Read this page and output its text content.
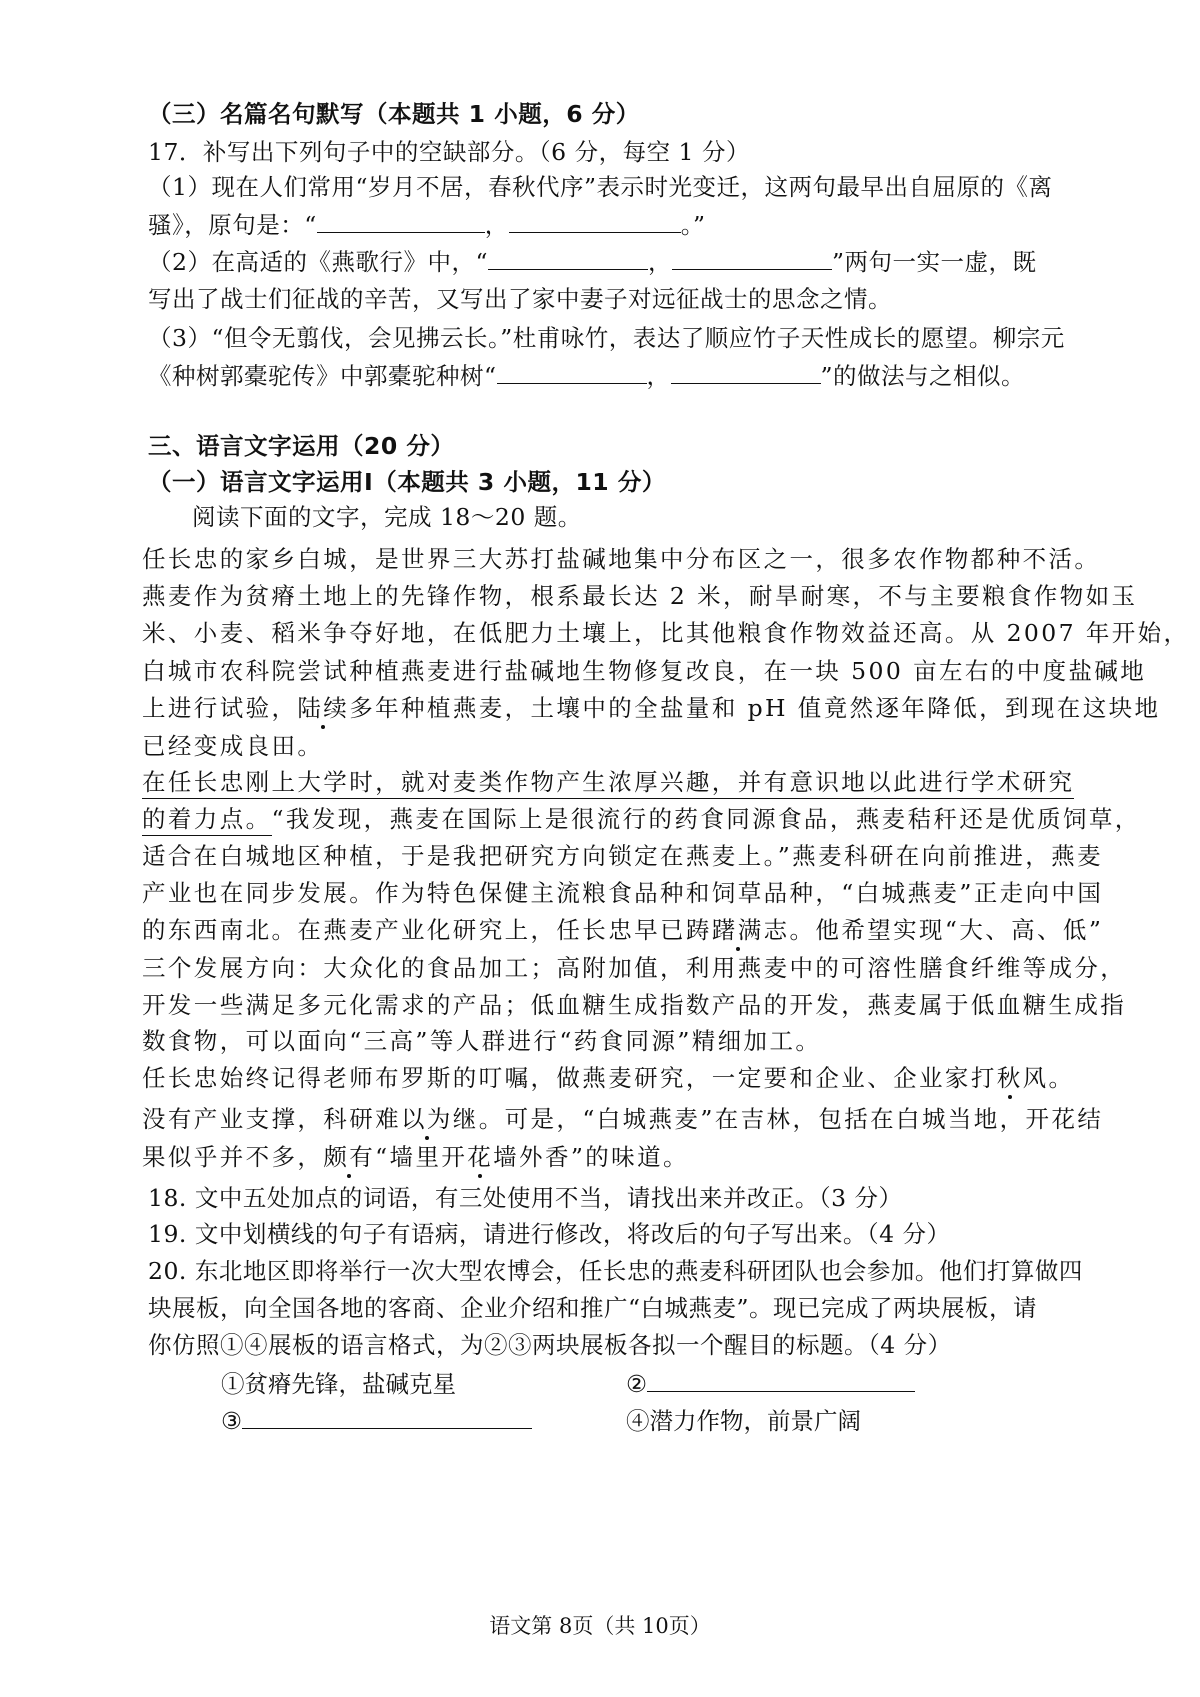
（三）名篇名句默写（本题共 1 小题，6 分）
17．补写出下列句子中的空缺部分。（6 分，每空 1 分）
（1）现在人们常用“岁月不居，春秋代序”表示时光变迁，这两句最早出自屈原的《离
骚》，原句是：“	，	。”
（2）在高适的《燕歌行》中，“	，	”两句一实一虚，既
写出了战士们征战的辛苦，又写出了家中妻子对远征战士的思念之情。
（3）“但令无翦伐，会见拂云长。”杜甫咏竹，表达了顺应竹子天性成长的愿望。柳宗元
《种树郭橐驼传》中郭橐驼种树“	，	”的做法与之相似。
三、语言文字运用（20 分）
（一）语言文字运用Ⅰ（本题共 3 小题，11 分）
阅读下面的文字，完成 18～20 题。
任长忠的家乡白城，是世界三大苏打盐碱地集中分布区之一，很多农作物都种不活。
燕麦作为贫瘠土地上的先锋作物，根系最长达 2 米，耐旱耐寒，不与主要粮食作物如玉
米、小麦、稻米争夺好地，在低肥力土壤上，比其他粮食作物效益还高。从 2007 年开始，
白城市农科院尝试种植燕麦进行盐碱地生物修复改良，在一块 500 亩左右的中度盐碱地
上进行试验，陆续多年种植燕麦，土壤中的全盐量和 pH 值竟然逐年降低，到现在这块地
已经变成良田。
在任长忠刚上大学时，就对麦类作物产生浓厚兴趣，并有意识地以此进行学术研究
的着力点。“我发现，燕麦在国际上是很流行的药食同源食品，燕麦秸秆还是优质饲草，
适合在白城地区种植，于是我把研究方向锁定在燕麦上。”燕麦科研在向前推进，燕麦
产业也在同步发展。作为特色保健主流粮食品种和饲草品种，“白城燕麦”正走向中国
的东西南北。在燕麦产业化研究上，任长忠早已踌躇满志。他希望实现“大、高、低”
三个发展方向：大众化的食品加工；高附加值，利用燕麦中的可溶性膳食纤维等成分，
开发一些满足多元化需求的产品；低血糖生成指数产品的开发，燕麦属于低血糖生成指
数食物，可以面向“三高”等人群进行“药食同源”精细加工。
任长忠始终记得老师布罗斯的叮嘱，做燕麦研究，一定要和企业、企业家打秋风。
没有产业支撑，科研难以为继。可是，“白城燕麦”在吉林，包括在白城当地，开花结
果似乎并不多，颇有“墙里开花墙外香”的味道。
18. 文中五处加点的词语，有三处使用不当，请找出来并改正。（3 分）
19. 文中划横线的句子有语病，请进行修改，将改后的句子写出来。（4 分）
20. 东北地区即将举行一次大型农博会，任长忠的燕麦科研团队也会参加。他们打算做四
块展板，向全国各地的客商、企业介绍和推广“白城燕麦”。现已完成了两块展板，请
你仿照①④展板的语言格式，为②③两块展板各拟一个醒目的标题。（4 分）
①贫瘠先锋，盐碱克星	②
③	④潜力作物，前景广阔
语文第 8页（共 10页）
